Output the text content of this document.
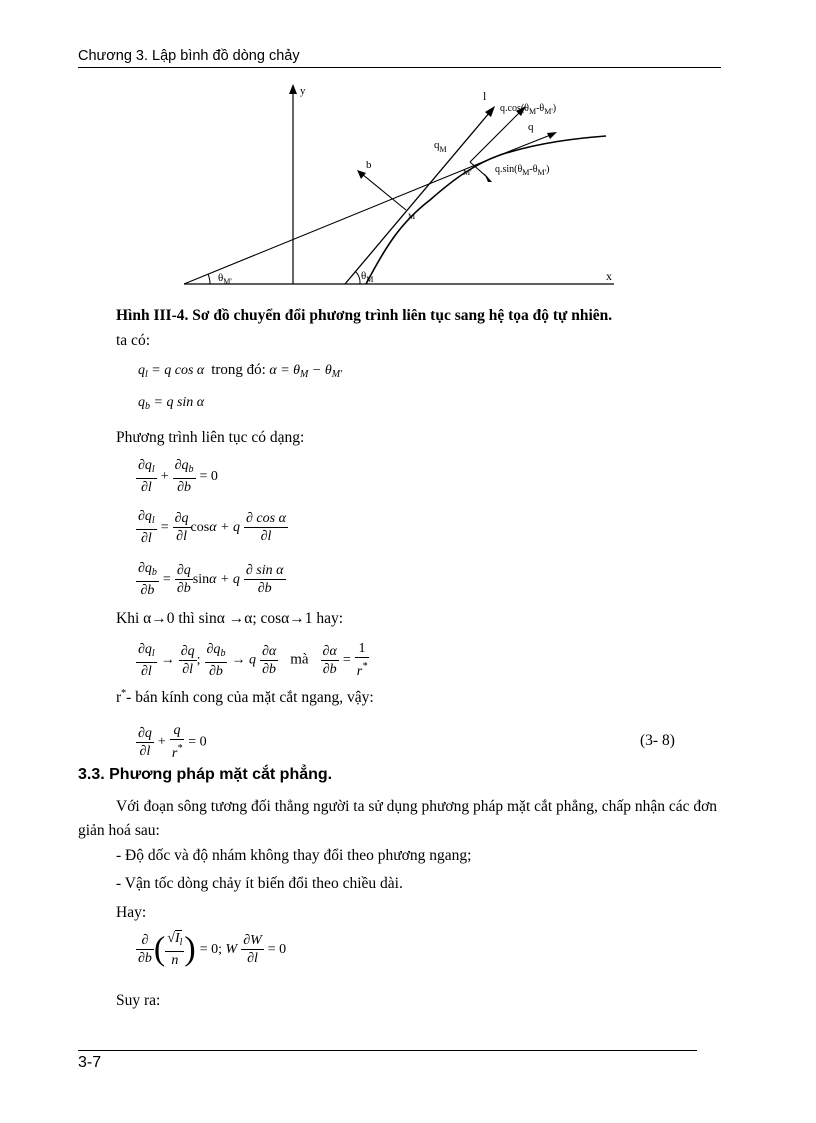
Chương 3. Lập bình đồ dòng chảy
y
x
l
b
q
$q_M$
M
M'
$q.\cos(\theta_M-\theta_{M'})$
$q.\sin(\theta_M-\theta_{M'})$
$\theta_{M'}$	$\theta_M$
Hình III-4. Sơ đồ chuyển đổi phương trình liên tục sang hệ tọa độ tự nhiên.
ta có:
$q_l = q$ cos α trong đó: $\alpha = \theta_M - \theta_{M'}$
$q_b = q$ sin α
Phương trình liên tục có dạng:
$\frac{\partial q_l}{\partial l} + \frac{\partial q_b}{\partial b} = 0$
$\frac{\partial q_l}{\partial l} = \frac{\partial q}{\partial l}$ cosα + q $\frac{\text{∂ cos α}}{\partial l}$
$\frac{\partial q_b}{\partial b} = \frac{\partial q}{\partial b}$ sinα + q $\frac{\text{∂ sin α}}{\partial b}$
Khi α→0 thì sinα →α; cosα→1 hay:
$\frac{\partial q_l}{\partial l} \to \frac{\partial q}{\partial l}$ ; $\frac{\partial q_b}{\partial b} \to q \frac{\partial\alpha}{\partial b}$ mà $\frac{\partial\alpha}{\partial b} = \frac{1}{r^*}$
r*- bán kính cong của mặt cắt ngang, vậy:
$\frac{\partial q}{\partial l} + \frac{q}{r^*} = 0$	(3- 8)
3.3. Phương pháp mặt cắt phẳng.
Với đoạn sông tương đối thẳng người ta sử dụng phương pháp mặt cắt phẳng, chấp nhận các đơn giản hoá sau:
- Độ dốc và độ nhám không thay đổi theo phương ngang;
- Vận tốc dòng chảy ít biến đổi theo chiều dài.
Hay:
$\frac{\partial}{\partial b}$ ( $\frac{√I_l}{n}$ ) = 0; W $\frac{\partial W}{\partial l} = 0$
Suy ra:
3-7
